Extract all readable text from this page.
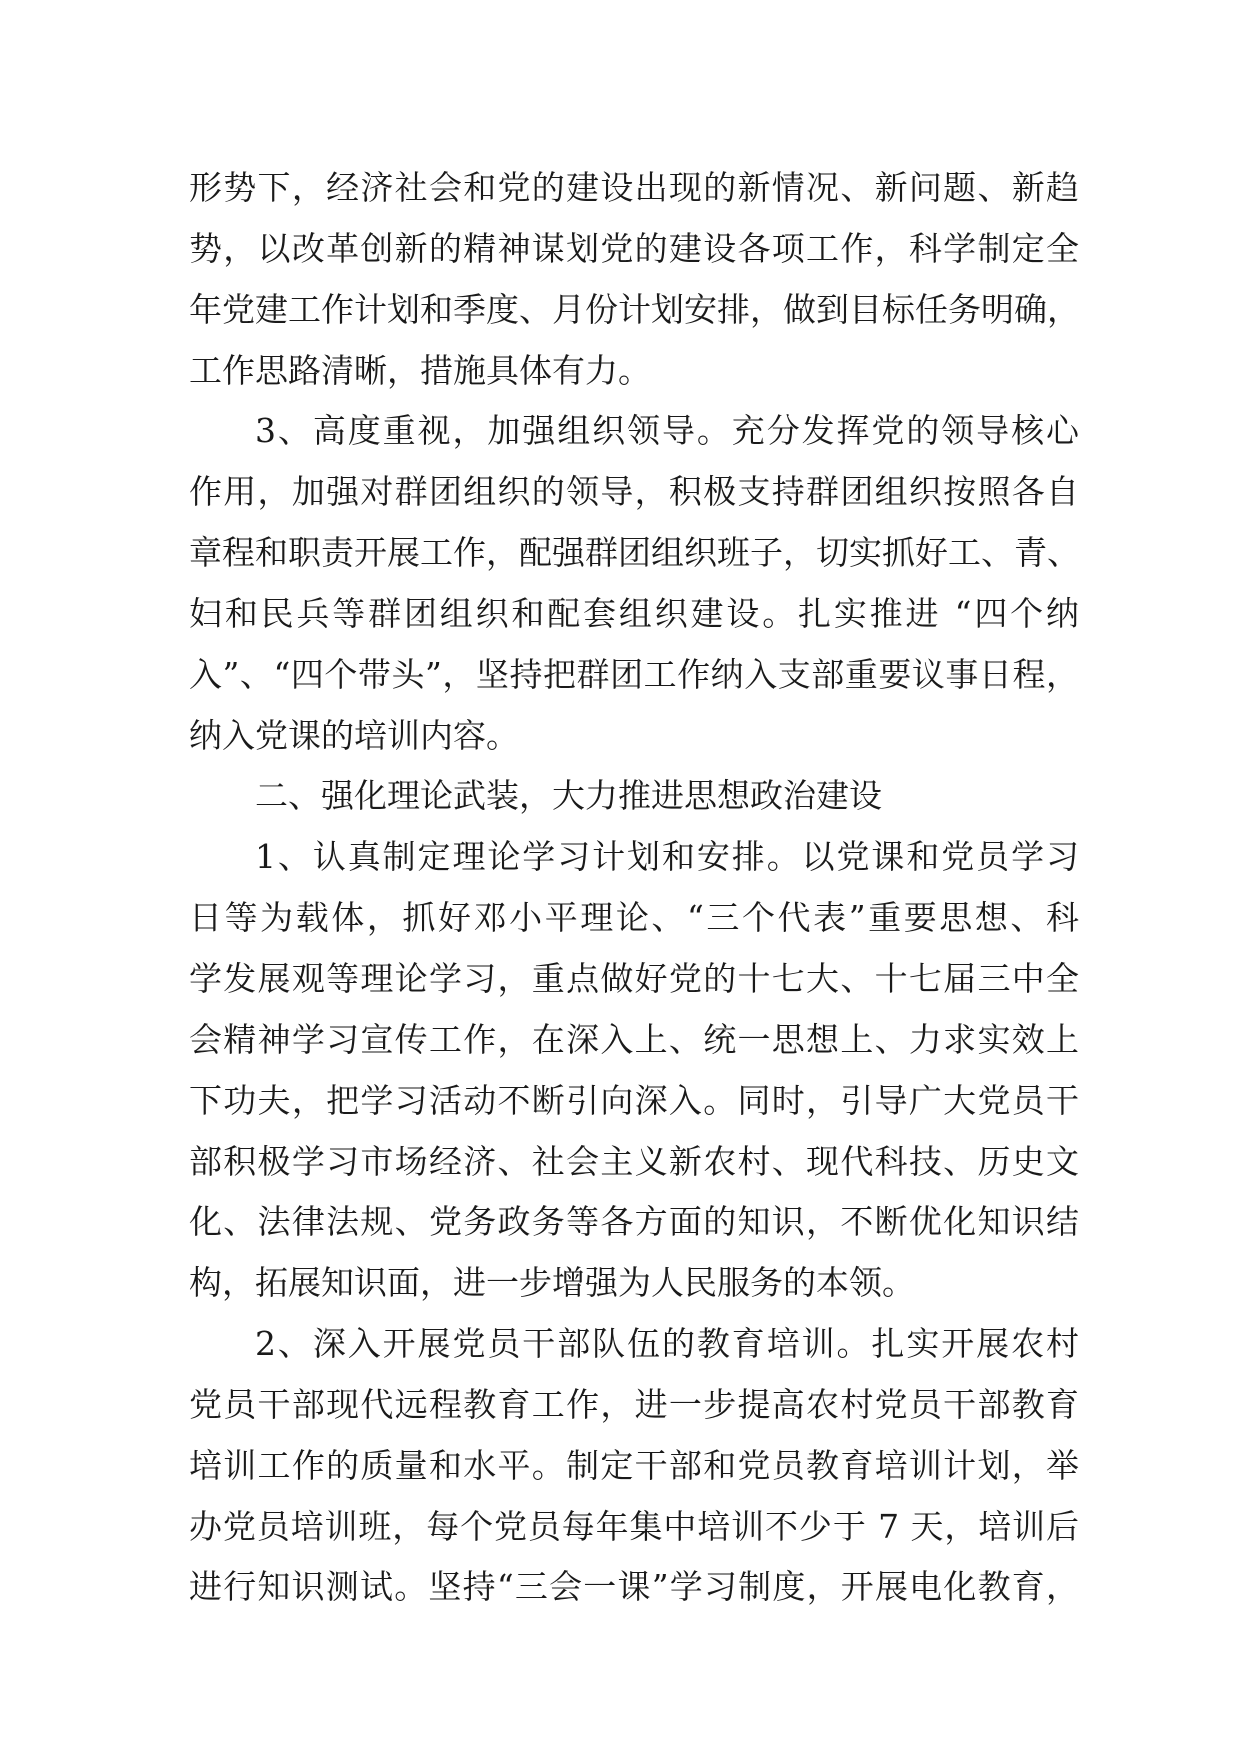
形势下，经济社会和党的建设出现的新情况、新问题、新趋
势，以改革创新的精神谋划党的建设各项工作，科学制定全
年党建工作计划和季度、月份计划安排，做到目标任务明确，
工作思路清晰，措施具体有力。
3、高度重视，加强组织领导。充分发挥党的领导核心
作用，加强对群团组织的领导，积极支持群团组织按照各自
章程和职责开展工作，配强群团组织班子，切实抓好工、青、
妇和民兵等群团组织和配套组织建设。扎实推进 “四个纳
入”、“四个带头”，坚持把群团工作纳入支部重要议事日程，
纳入党课的培训内容。
二、强化理论武装，大力推进思想政治建设
1、认真制定理论学习计划和安排。以党课和党员学习
日等为载体，抓好邓小平理论、“三个代表”重要思想、科
学发展观等理论学习，重点做好党的十七大、十七届三中全
会精神学习宣传工作，在深入上、统一思想上、力求实效上
下功夫，把学习活动不断引向深入。同时，引导广大党员干
部积极学习市场经济、社会主义新农村、现代科技、历史文
化、法律法规、党务政务等各方面的知识，不断优化知识结
构，拓展知识面，进一步增强为人民服务的本领。
2、深入开展党员干部队伍的教育培训。扎实开展农村
党员干部现代远程教育工作，进一步提高农村党员干部教育
培训工作的质量和水平。制定干部和党员教育培训计划，举
办党员培训班，每个党员每年集中培训不少于 7 天，培训后
进行知识测试。坚持“三会一课”学习制度，开展电化教育，
